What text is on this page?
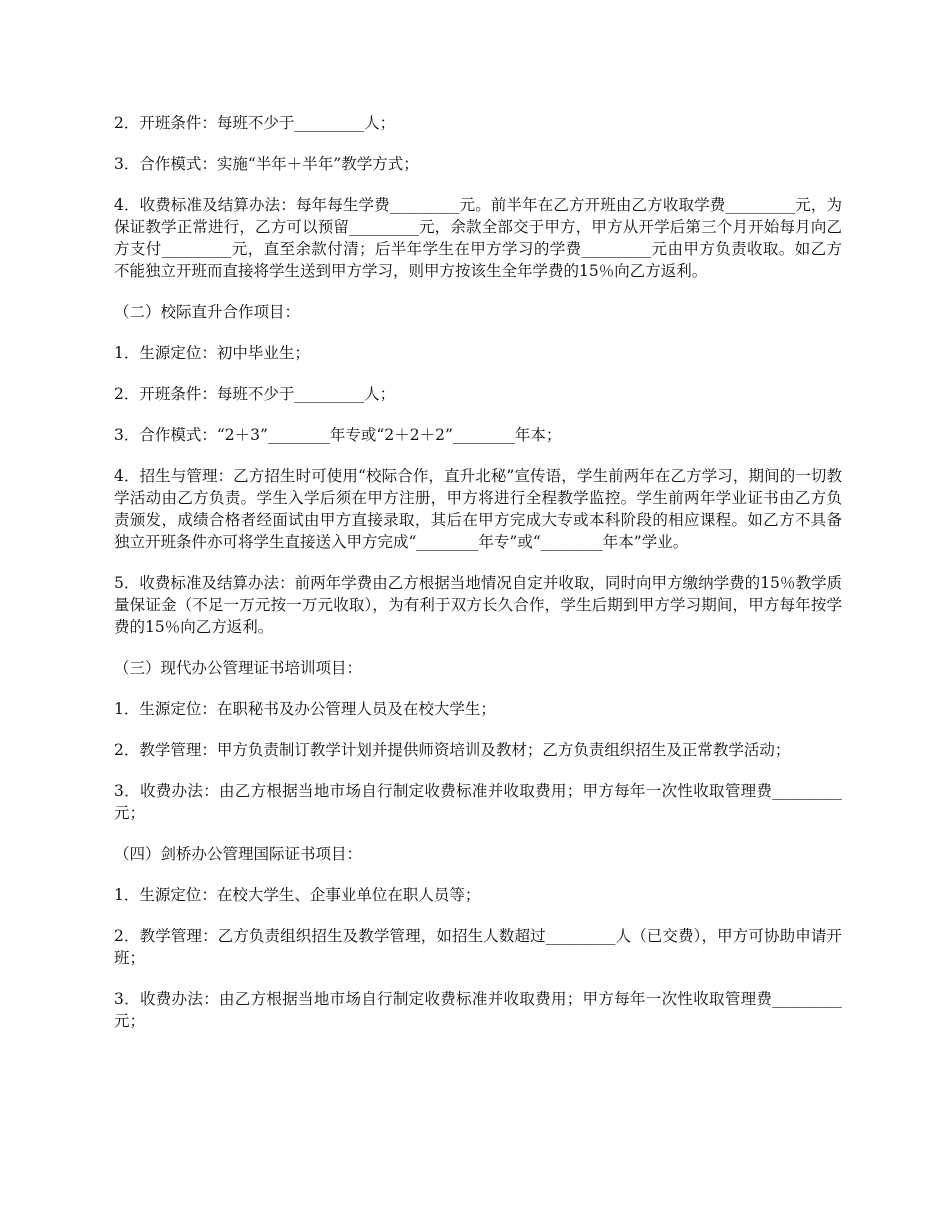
2．开班条件：每班不少于_________人；

3．合作模式：实施“半年＋半年”教学方式；

4．收费标准及结算办法：每年每生学费_________元。前半年在乙方开班由乙方收取学费_________元，为保证教学正常进行，乙方可以预留_________元，余款全部交于甲方，甲方从开学后第三个月开始每月向乙方支付_________元，直至余款付清；后半年学生在甲方学习的学费_________元由甲方负责收取。如乙方不能独立开班而直接将学生送到甲方学习，则甲方按该生全年学费的15％向乙方返利。

（二）校际直升合作项目：

1．生源定位：初中毕业生；

2．开班条件：每班不少于_________人；

3．合作模式：“2＋3”________年专或“2＋2＋2”________年本；

4．招生与管理：乙方招生时可使用“校际合作，直升北秘”宣传语，学生前两年在乙方学习，期间的一切教学活动由乙方负责。学生入学后须在甲方注册，甲方将进行全程教学监控。学生前两年学业证书由乙方负责颁发，成绩合格者经面试由甲方直接录取，其后在甲方完成大专或本科阶段的相应课程。如乙方不具备独立开班条件亦可将学生直接送入甲方完成“________年专”或“________年本”学业。

5．收费标准及结算办法：前两年学费由乙方根据当地情况自定并收取，同时向甲方缴纳学费的15％教学质量保证金（不足一万元按一万元收取），为有利于双方长久合作，学生后期到甲方学习期间，甲方每年按学费的15％向乙方返利。

（三）现代办公管理证书培训项目：

1．生源定位：在职秘书及办公管理人员及在校大学生；

2．教学管理：甲方负责制订教学计划并提供师资培训及教材；乙方负责组织招生及正常教学活动；

3．收费办法：由乙方根据当地市场自行制定收费标准并收取费用；甲方每年一次性收取管理费_________元；

（四）剑桥办公管理国际证书项目：

1．生源定位：在校大学生、企事业单位在职人员等；

2．教学管理：乙方负责组织招生及教学管理，如招生人数超过_________人（已交费），甲方可协助申请开班；

3．收费办法：由乙方根据当地市场自行制定收费标准并收取费用；甲方每年一次性收取管理费_________元；
